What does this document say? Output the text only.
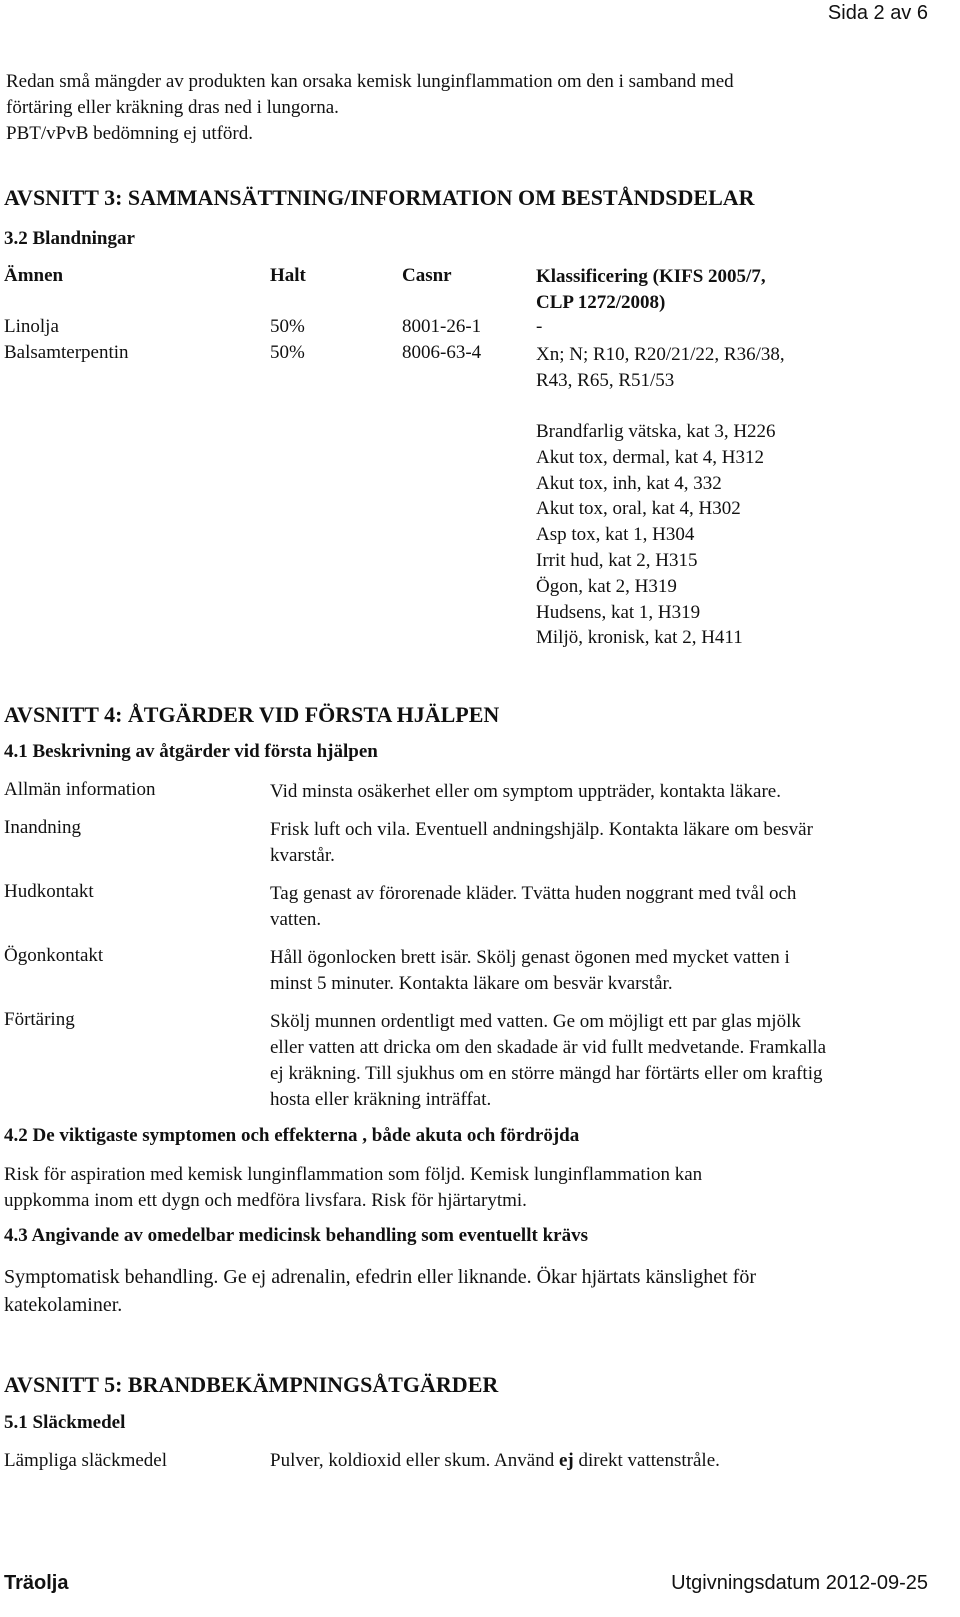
Sida 2 av 6
Redan små mängder av produkten kan orsaka kemisk lunginflammation om den i samband med
förtäring eller kräkning dras ned i lungorna.
PBT/vPvB bedömning ej utförd.
AVSNITT 3: SAMMANSÄTTNING/INFORMATION OM BESTÅNDSDELAR
3.2 Blandningar
Ämnen	Halt	Casnr	Klassificering (KIFS 2005/7,
CLP 1272/2008)
Linolja	50%	8001-26-1	-
Balsamterpentin	50%	8006-63-4	Xn; N; R10, R20/21/22, R36/38,
R43, R65, R51/53
Brandfarlig vätska, kat 3, H226
Akut tox, dermal, kat 4, H312
Akut tox, inh, kat 4, 332
Akut tox, oral, kat 4, H302
Asp tox, kat 1, H304
Irrit hud, kat 2, H315
Ögon, kat 2, H319
Hudsens, kat 1, H319
Miljö, kronisk, kat 2, H411
AVSNITT 4: ÅTGÄRDER VID FÖRSTA HJÄLPEN
4.1 Beskrivning av åtgärder vid första hjälpen
Allmän information	Vid minsta osäkerhet eller om symptom uppträder, kontakta läkare.
Inandning	Frisk luft och vila. Eventuell andningshjälp. Kontakta läkare om besvär
kvarstår.
Hudkontakt	Tag genast av förorenade kläder. Tvätta huden noggrant med tvål och
vatten.
Ögonkontakt	Håll ögonlocken brett isär. Skölj genast ögonen med mycket vatten i
minst 5 minuter. Kontakta läkare om besvär kvarstår.
Förtäring	Skölj munnen ordentligt med vatten. Ge om möjligt ett par glas mjölk
eller vatten att dricka om den skadade är vid fullt medvetande. Framkalla
ej kräkning. Till sjukhus om en större mängd har förtärts eller om kraftig
hosta eller kräkning inträffat.
4.2 De viktigaste symptomen och effekterna , både akuta och fördröjda
Risk för aspiration med kemisk lunginflammation som följd. Kemisk lunginflammation kan
uppkomma inom ett dygn och medföra livsfara. Risk för hjärtarytmi.
4.3 Angivande av omedelbar medicinsk behandling som eventuellt krävs
Symptomatisk behandling. Ge ej adrenalin, efedrin eller liknande. Ökar hjärtats känslighet för
katekolaminer.
AVSNITT 5: BRANDBEKÄMPNINGSÅTGÄRDER
5.1 Släckmedel
Lämpliga släckmedel	Pulver, koldioxid eller skum. Använd ej direkt vattenstråle.
Träolja	Utgivningsdatum 2012-09-25
